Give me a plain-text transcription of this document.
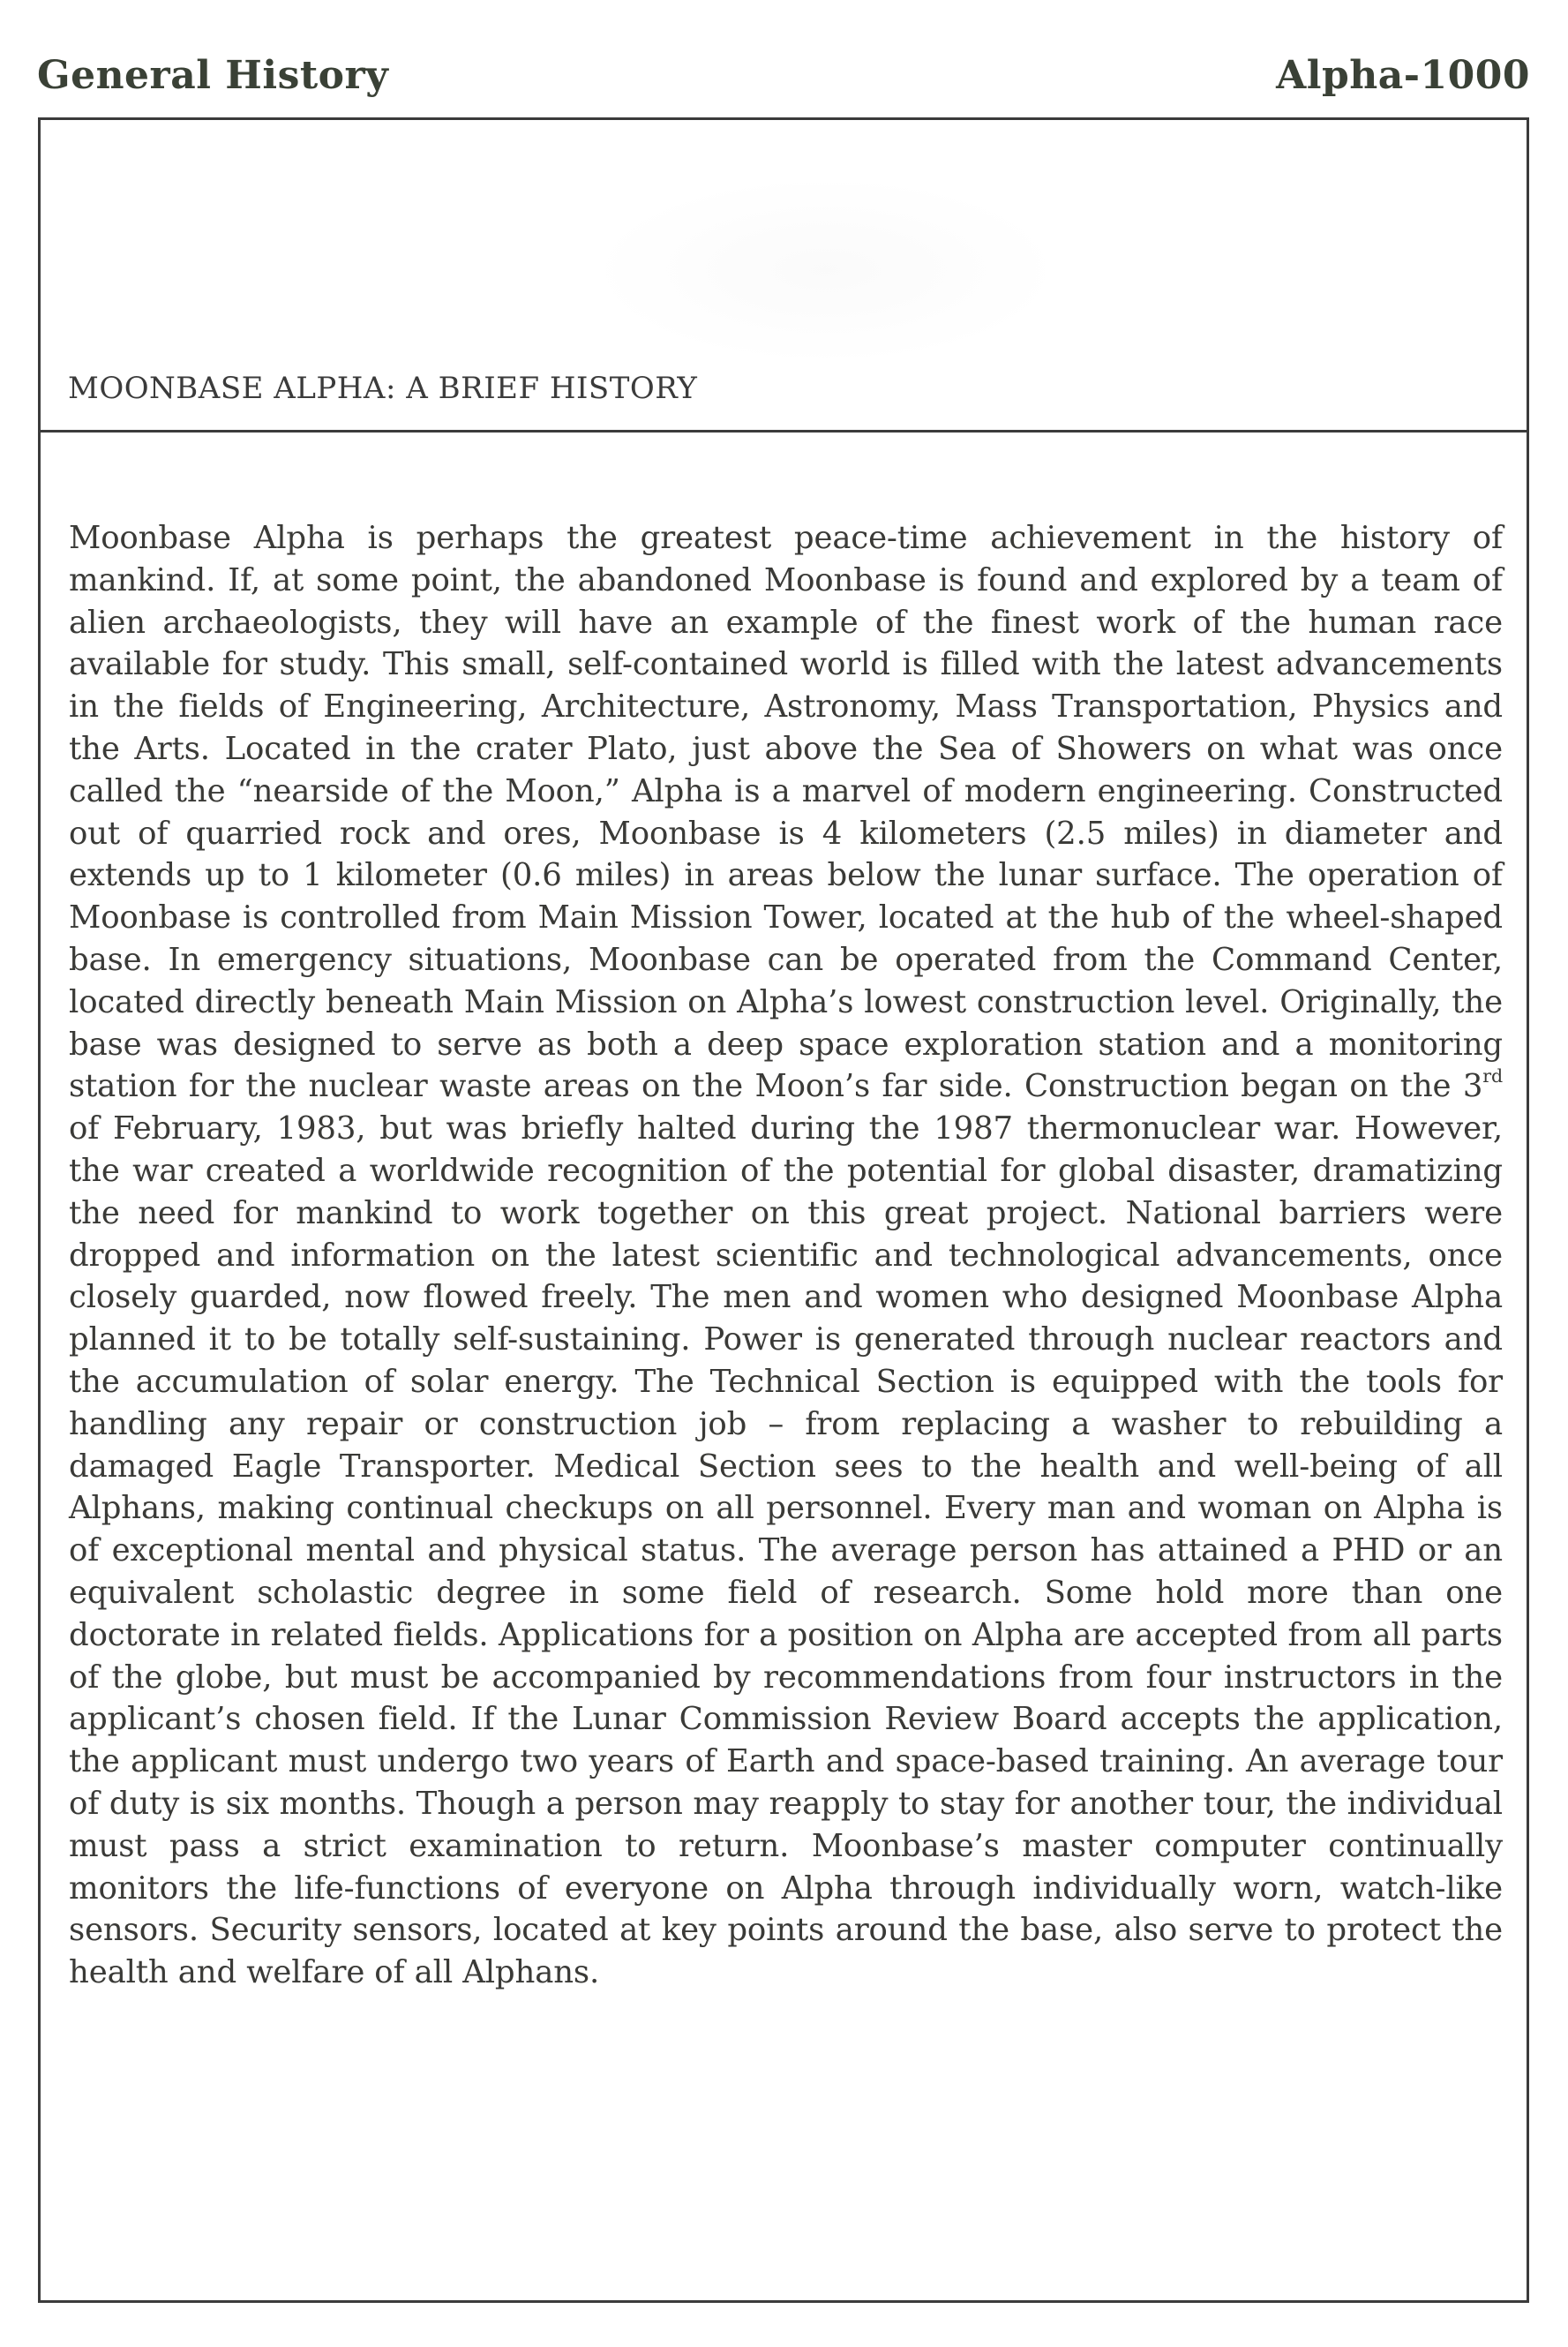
General History	Alpha-1000
MOONBASE ALPHA: A BRIEF HISTORY

Moonbase Alpha is perhaps the greatest peace-time achievement in the history of mankind. If, at some point, the abandoned Moonbase is found and explored by a team of alien archaeologists, they will have an example of the finest work of the human race available for study. This small, self-contained world is filled with the latest advancements in the fields of Engineering, Architecture, Astronomy, Mass Transportation, Physics and the Arts. Located in the crater Plato, just above the Sea of Showers on what was once called the “nearside of the Moon,” Alpha is a marvel of modern engineering. Constructed out of quarried rock and ores, Moonbase is 4 kilometers (2.5 miles) in diameter and extends up to 1 kilometer (0.6 miles) in areas below the lunar surface. The operation of Moonbase is controlled from Main Mission Tower, located at the hub of the wheel-shaped base. In emergency situations, Moonbase can be operated from the Command Center, located directly beneath Main Mission on Alpha’s lowest construction level. Originally, the base was designed to serve as both a deep space exploration station and a monitoring station for the nuclear waste areas on the Moon’s far side. Construction began on the 3rd of February, 1983, but was briefly halted during the 1987 thermonuclear war. However, the war created a worldwide recognition of the potential for global disaster, dramatizing the need for mankind to work together on this great project. National barriers were dropped and information on the latest scientific and technological advancements, once closely guarded, now flowed freely. The men and women who designed Moonbase Alpha planned it to be totally self-sustaining. Power is generated through nuclear reactors and the accumulation of solar energy. The Technical Section is equipped with the tools for handling any repair or construction job – from replacing a washer to rebuilding a damaged Eagle Transporter. Medical Section sees to the health and well-being of all Alphans, making continual checkups on all personnel. Every man and woman on Alpha is of exceptional mental and physical status. The average person has attained a PHD or an equivalent scholastic degree in some field of research. Some hold more than one doctorate in related fields. Applications for a position on Alpha are accepted from all parts of the globe, but must be accompanied by recommendations from four instructors in the applicant’s chosen field. If the Lunar Commission Review Board accepts the application, the applicant must undergo two years of Earth and space-based training. An average tour of duty is six months. Though a person may reapply to stay for another tour, the individual must pass a strict examination to return. Moonbase’s master computer continually monitors the life-functions of everyone on Alpha through individually worn, watch-like sensors. Security sensors, located at key points around the base, also serve to protect the health and welfare of all Alphans.
